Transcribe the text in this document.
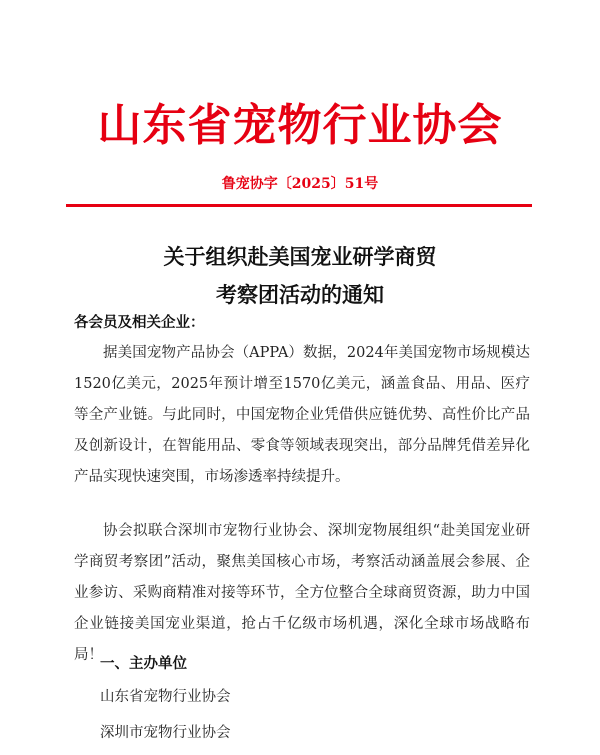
山东省宠物行业协会
鲁宠协字〔2025〕51号
关于组织赴美国宠业研学商贸
考察团活动的通知
各会员及相关企业：

据美国宠物产品协会（APPA）数据，2024年美国宠物市场规模达1520亿美元，2025年预计增至1570亿美元，涵盖食品、用品、医疗等全产业链。与此同时，中国宠物企业凭借供应链优势、高性价比产品及创新设计，在智能用品、零食等领域表现突出，部分品牌凭借差异化产品实现快速突围，市场渗透率持续提升。

协会拟联合深圳市宠物行业协会、深圳宠物展组织“赴美国宠业研学商贸考察团”活动，聚焦美国核心市场，考察活动涵盖展会参展、企业参访、采购商精准对接等环节，全方位整合全球商贸资源，助力中国企业链接美国宠业渠道，抢占千亿级市场机遇，深化全球市场战略布局！

一、主办单位
山东省宠物行业协会
深圳市宠物行业协会
